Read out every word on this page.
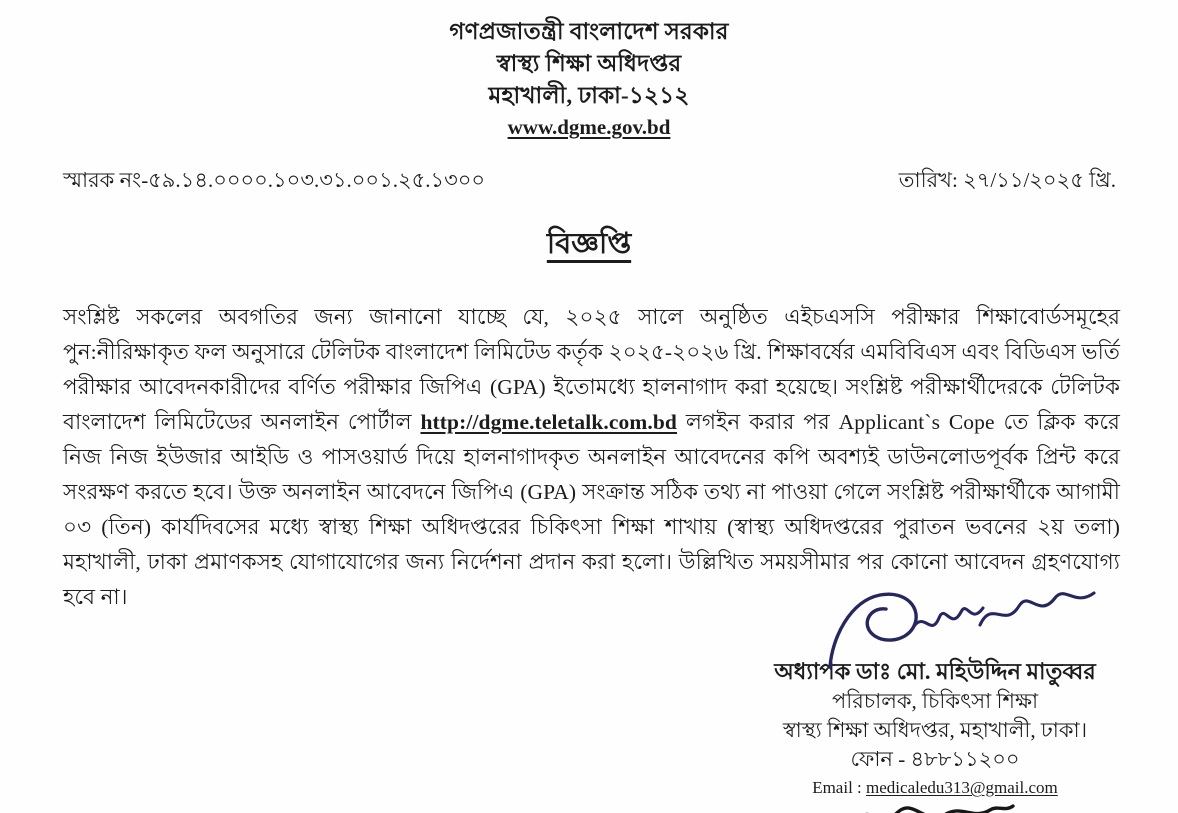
গণপ্রজাতন্ত্রী বাংলাদেশ সরকার
স্বাস্থ্য শিক্ষা অধিদপ্তর
মহাখালী, ঢাকা-১২১২
www.dgme.gov.bd
স্মারক নং-৫৯.১৪.০০০০.১০৩.৩১.০০১.২৫.১৩০০	তারিখ: ২৭/১১/২০২৫ খ্রি.
বিজ্ঞপ্তি

সংশ্লিষ্ট সকলের অবগতির জন্য জানানো যাচ্ছে যে, ২০২৫ সালে অনুষ্ঠিত এইচএসসি পরীক্ষার শিক্ষাবোর্ডসমূহের পুন:নীরিক্ষাকৃত ফল অনুসারে টেলিটক বাংলাদেশ লিমিটেড কর্তৃক ২০২৫-২০২৬ খ্রি. শিক্ষাবর্ষের এমবিবিএস এবং বিডিএস ভর্তি পরীক্ষার আবেদনকারীদের বর্ণিত পরীক্ষার জিপিএ (GPA) ইতোমধ্যে হালনাগাদ করা হয়েছে। সংশ্লিষ্ট পরীক্ষার্থীদেরকে টেলিটক বাংলাদেশ লিমিটেডের অনলাইন পোর্টাল http://dgme.teletalk.com.bd লগইন করার পর Applicant`s Cope তে ক্লিক করে নিজ নিজ ইউজার আইডি ও পাসওয়ার্ড দিয়ে হালনাগাদকৃত অনলাইন আবেদনের কপি অবশ্যই ডাউনলোডপূর্বক প্রিন্ট করে সংরক্ষণ করতে হবে। উক্ত অনলাইন আবেদনে জিপিএ (GPA) সংক্রান্ত সঠিক তথ্য না পাওয়া গেলে সংশ্লিষ্ট পরীক্ষার্থীকে আগামী ০৩ (তিন) কার্যদিবসের মধ্যে স্বাস্থ্য শিক্ষা অধিদপ্তরের চিকিৎসা শিক্ষা শাখায় (স্বাস্থ্য অধিদপ্তরের পুরাতন ভবনের ২য় তলা) মহাখালী, ঢাকা প্রমাণকসহ যোগাযোগের জন্য নির্দেশনা প্রদান করা হলো। উল্লিখিত সময়সীমার পর কোনো আবেদন গ্রহণযোগ্য হবে না।

অধ্যাপক ডাঃ মো. মহিউদ্দিন মাতুব্বর
পরিচালক, চিকিৎসা শিক্ষা
স্বাস্থ্য শিক্ষা অধিদপ্তর, মহাখালী, ঢাকা।
ফোন - ৪৮৮১১২০০
Email : medicaledu313@gmail.com
